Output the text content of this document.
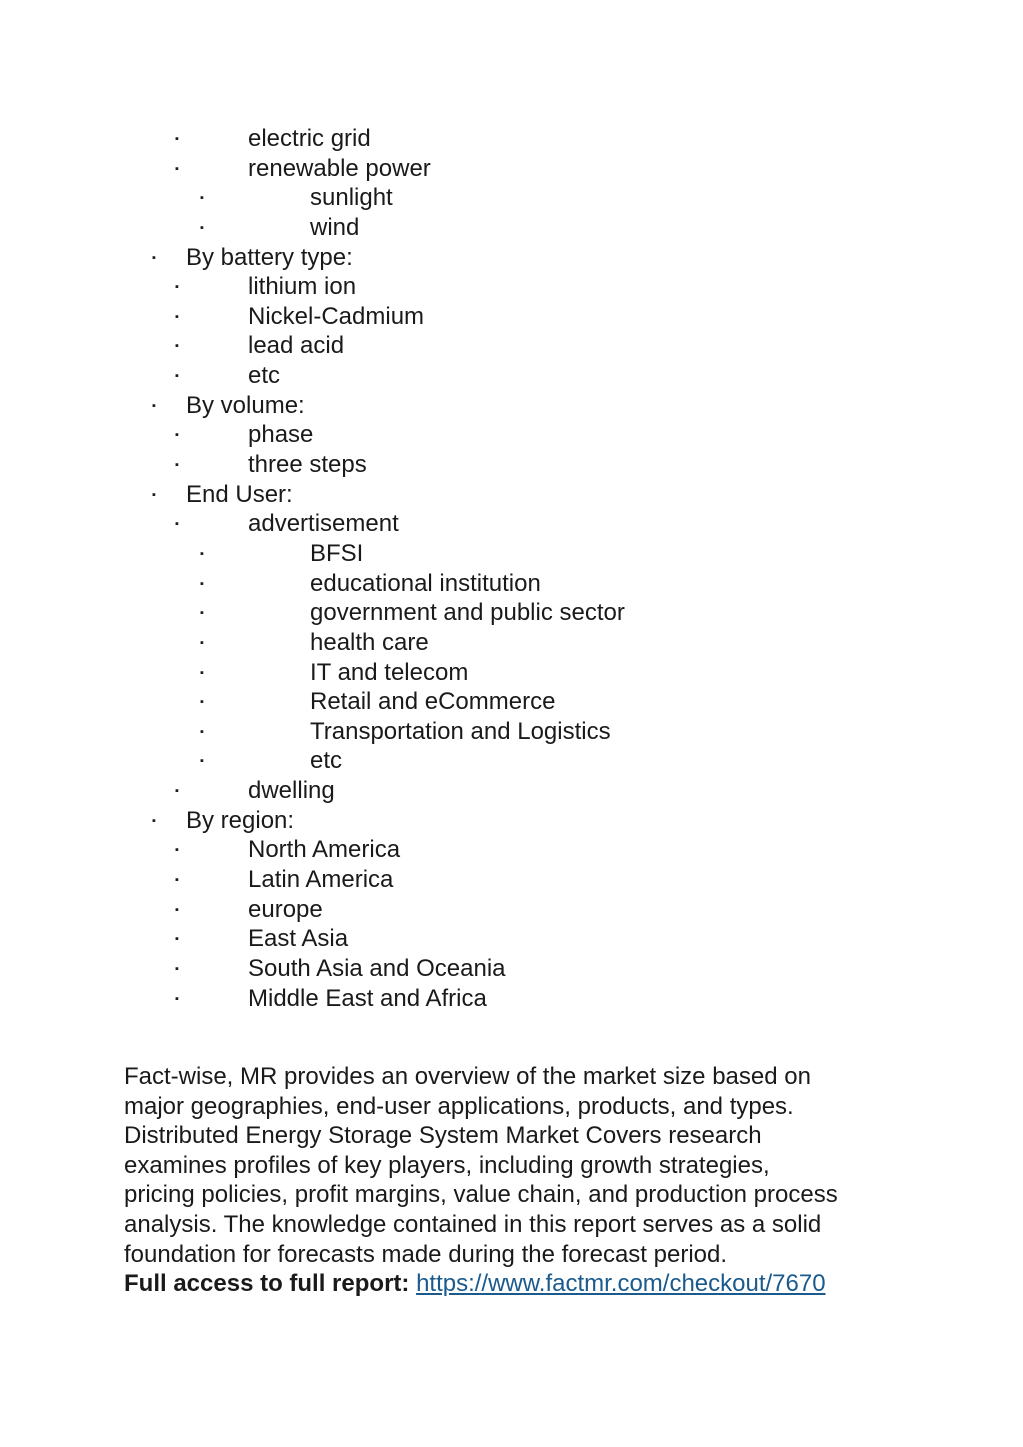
▪	electric grid
▪	renewable power
▪	sunlight
▪	wind
▪ By battery type:
▪	lithium ion
▪	Nickel-Cadmium
▪	lead acid
▪	etc
▪ By volume:
▪	phase
▪	three steps
▪ End User:
▪	advertisement
▪	BFSI
▪	educational institution
▪	government and public sector
▪	health care
▪	IT and telecom
▪	Retail and eCommerce
▪	Transportation and Logistics
▪	etc
▪	dwelling
▪ By region:
▪	North America
▪	Latin America
▪	europe
▪	East Asia
▪	South Asia and Oceania
▪	Middle East and Africa
Fact-wise, MR provides an overview of the market size based on
major geographies, end-user applications, products, and types.
Distributed Energy Storage System Market Covers research
examines profiles of key players, including growth strategies,
pricing policies, profit margins, value chain, and production process
analysis. The knowledge contained in this report serves as a solid
foundation for forecasts made during the forecast period.
Full access to full report: https://www.factmr.com/checkout/7670
